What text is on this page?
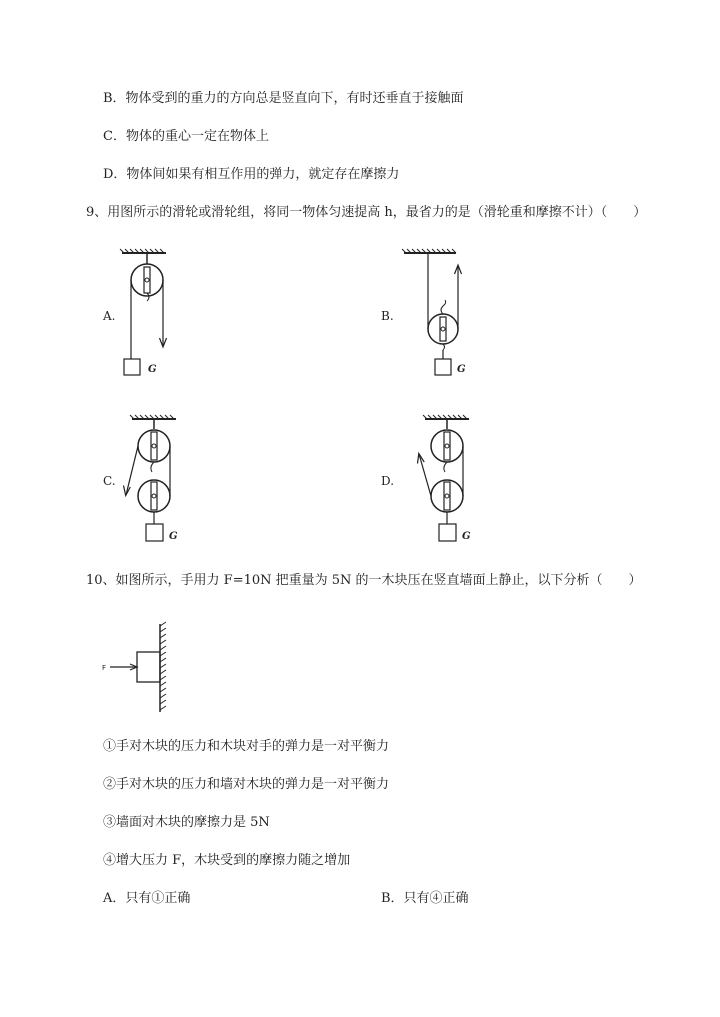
B．物体受到的重力的方向总是竖直向下，有时还垂直于接触面
C．物体的重心一定在物体上
D．物体间如果有相互作用的弹力，就定存在摩擦力
9、用图所示的滑轮或滑轮组，将同一物体匀速提高 h，最省力的是（滑轮重和摩擦不计）（　　）
A.
G
B.
G
C.
G
D.
G
10、如图所示，手用力 F=10N 把重量为 5N 的一木块压在竖直墙面上静止，以下分析（　　）
F
①手对木块的压力和木块对手的弹力是一对平衡力
②手对木块的压力和墙对木块的弹力是一对平衡力
③墙面对木块的摩擦力是 5N
④增大压力 F，木块受到的摩擦力随之增加
A．只有①正确	B．只有④正确
